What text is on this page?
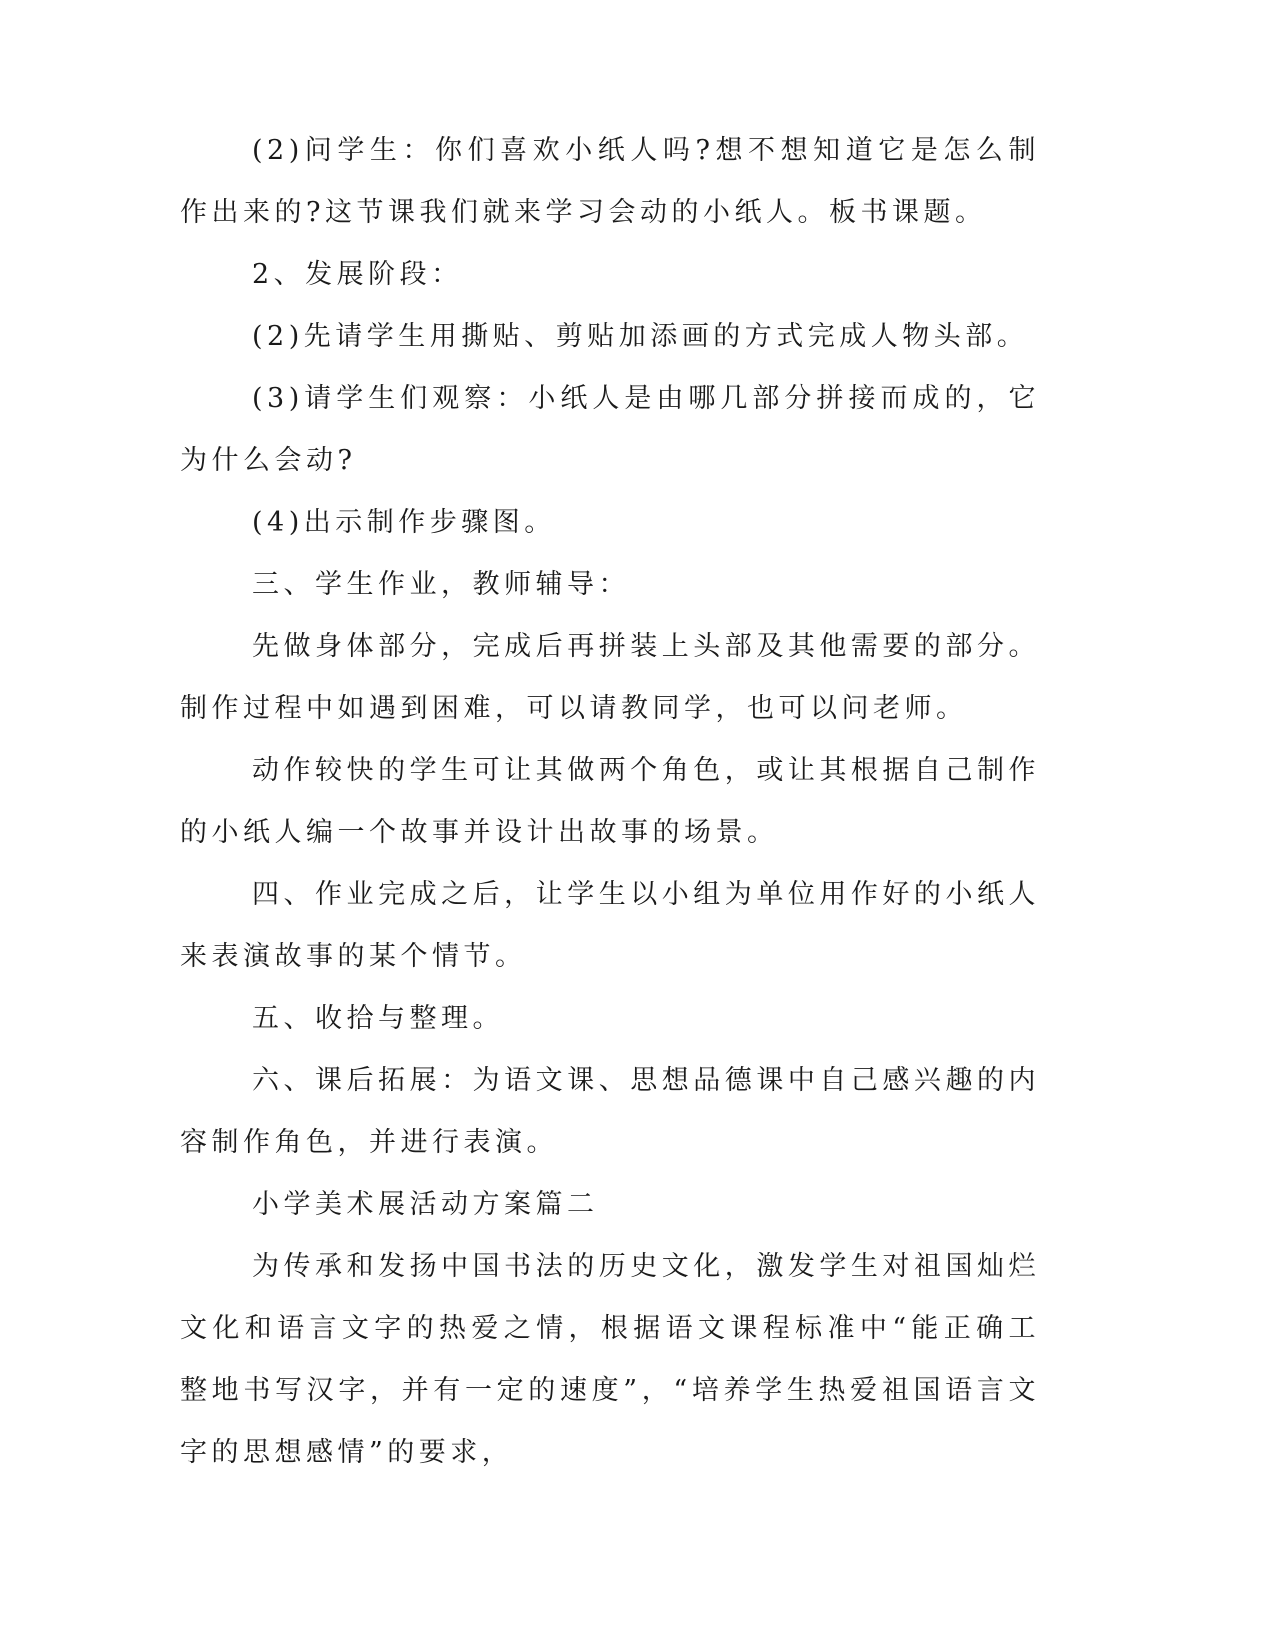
(2)问学生：你们喜欢小纸人吗?想不想知道它是怎么制作出来的?这节课我们就来学习会动的小纸人。板书课题。

2、发展阶段：

(2)先请学生用撕贴、剪贴加添画的方式完成人物头部。

(3)请学生们观察：小纸人是由哪几部分拼接而成的，它为什么会动?

(4)出示制作步骤图。

三、学生作业，教师辅导：

先做身体部分，完成后再拼装上头部及其他需要的部分。制作过程中如遇到困难，可以请教同学，也可以问老师。

动作较快的学生可让其做两个角色，或让其根据自己制作的小纸人编一个故事并设计出故事的场景。

四、作业完成之后，让学生以小组为单位用作好的小纸人来表演故事的某个情节。

五、收拾与整理。

六、课后拓展：为语文课、思想品德课中自己感兴趣的内容制作角色，并进行表演。

小学美术展活动方案篇二

为传承和发扬中国书法的历史文化，激发学生对祖国灿烂文化和语言文字的热爱之情，根据语文课程标准中“能正确工整地书写汉字，并有一定的速度”，“培养学生热爱祖国语言文字的思想感情”的要求，
